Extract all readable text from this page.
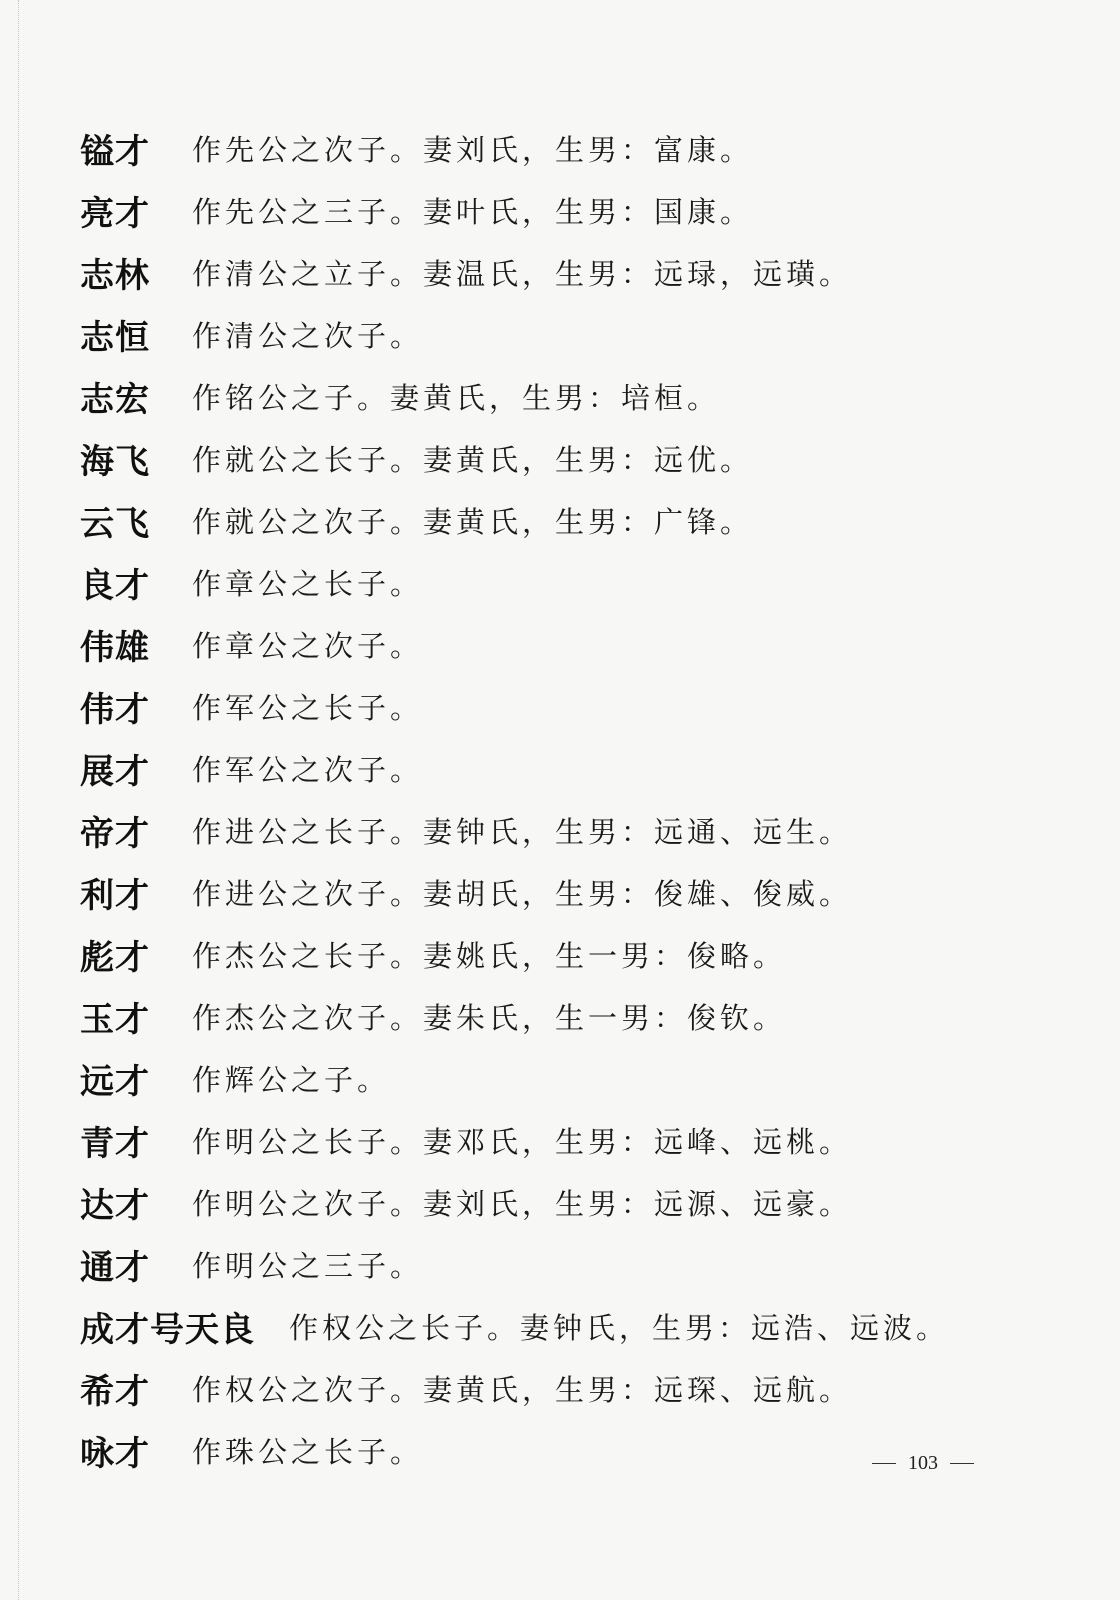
镒才	作先公之次子。妻刘氏，生男：富康。
亮才	作先公之三子。妻叶氏，生男：国康。
志林	作清公之立子。妻温氏，生男：远琭，远璜。
志恒	作清公之次子。
志宏	作铭公之子。妻黄氏，生男：培桓。
海飞	作就公之长子。妻黄氏，生男：远优。
云飞	作就公之次子。妻黄氏，生男：广锋。
良才	作章公之长子。
伟雄	作章公之次子。
伟才	作军公之长子。
展才	作军公之次子。
帝才	作进公之长子。妻钟氏，生男：远通、远生。
利才	作进公之次子。妻胡氏，生男：俊雄、俊威。
彪才	作杰公之长子。妻姚氏，生一男：俊略。
玉才	作杰公之次子。妻朱氏，生一男：俊钦。
远才	作辉公之子。
青才	作明公之长子。妻邓氏，生男：远峰、远桃。
达才	作明公之次子。妻刘氏，生男：远源、远豪。
通才	作明公之三子。
成才号天良 作权公之长子。妻钟氏，生男：远浩、远波。
希才	作权公之次子。妻黄氏，生男：远琛、远航。
咏才	作珠公之长子。	103
